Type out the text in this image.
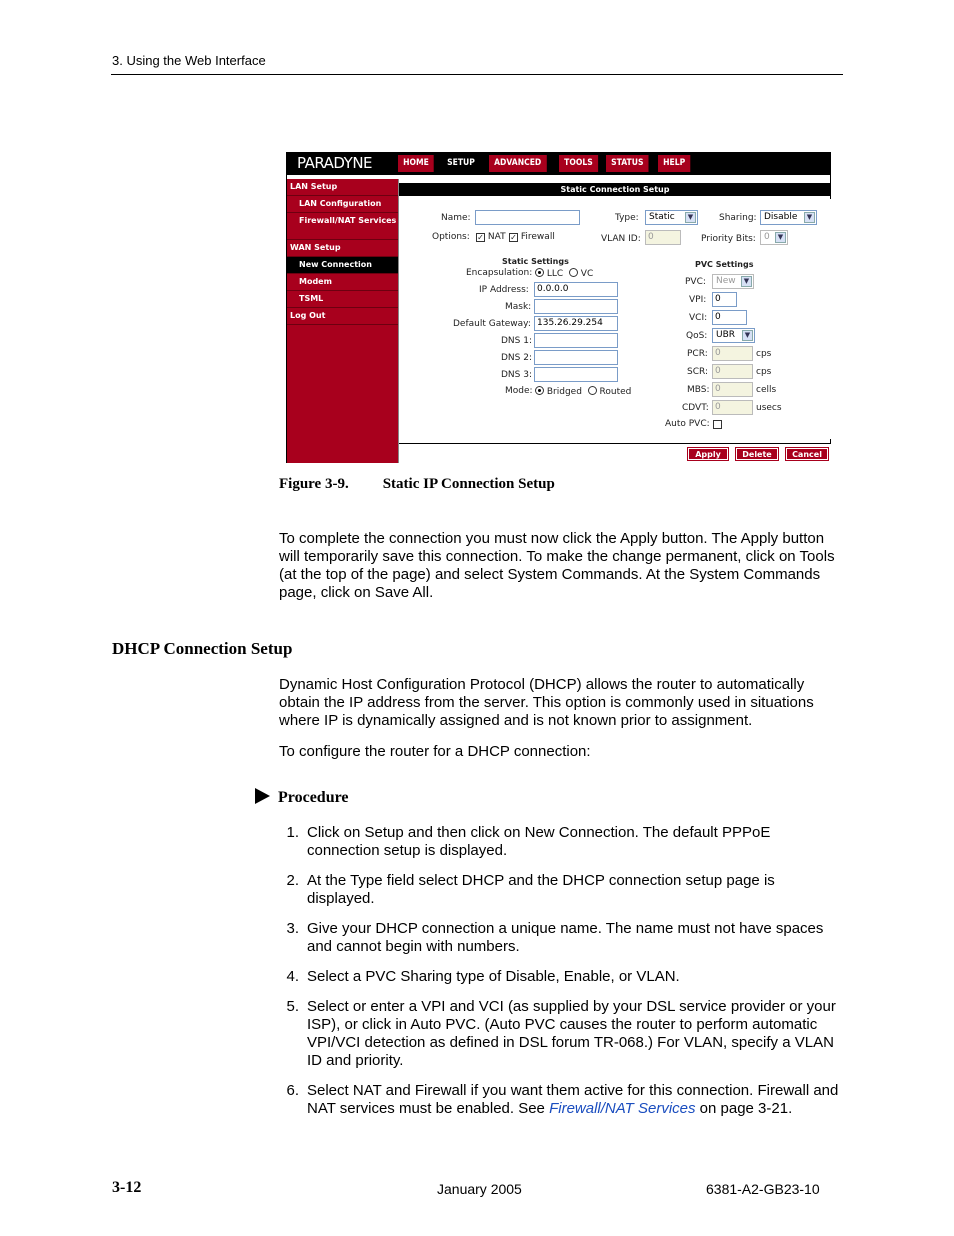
3. Using the Web Interface
PARADYNE	HOME	SETUP	ADVANCED	TOOLS	STATUS	HELP
LAN Setup
LAN Configuration
Firewall/NAT Services
WAN Setup
New Connection
Modem
TSML
Log Out
Static Connection Setup
Name:	Type:	Static	▼	Sharing: Disable	▼
Options: ✓ NAT ✓ Firewall	VLAN ID: 0	Priority Bits: 0	▼
Static Settings	PVC Settings
Encapsulation:	LLC VC
IP Address: 0.0.0.0
Mask:
Default Gateway: 135.26.29.254
DNS 1:
DNS 2:
DNS 3:
Mode:	Bridged Routed
PVC:	New	▼
VPI: 0
VCI: 0
QoS: UBR	▼
PCR: 0	cps
SCR: 0	cps
MBS: 0	cells
CDVT: 0	usecs
Auto PVC:
Apply	Delete	Cancel
Figure 3-9. Static IP Connection Setup
To complete the connection you must now click the Apply button. The Apply button will temporarily save this connection. To make the change permanent, click on Tools (at the top of the page) and select System Commands. At the System Commands page, click on Save All.
DHCP Connection Setup
Dynamic Host Configuration Protocol (DHCP) allows the router to automatically obtain the IP address from the server. This option is commonly used in situations where IP is dynamically assigned and is not known prior to assignment.
To configure the router for a DHCP connection:
Procedure
1. Click on Setup and then click on New Connection. The default PPPoE connection setup is displayed.
2. At the Type field select DHCP and the DHCP connection setup page is displayed.
3. Give your DHCP connection a unique name. The name must not have spaces and cannot begin with numbers.
4. Select a PVC Sharing type of Disable, Enable, or VLAN.
5. Select or enter a VPI and VCI (as supplied by your DSL service provider or your ISP), or click in Auto PVC. (Auto PVC causes the router to perform automatic VPI/VCI detection as defined in DSL forum TR-068.) For VLAN, specify a VLAN ID and priority.
6. Select NAT and Firewall if you want them active for this connection. Firewall and NAT services must be enabled. See Firewall/NAT Services on page 3-21.
3-12	January 2005	6381-A2-GB23-10
